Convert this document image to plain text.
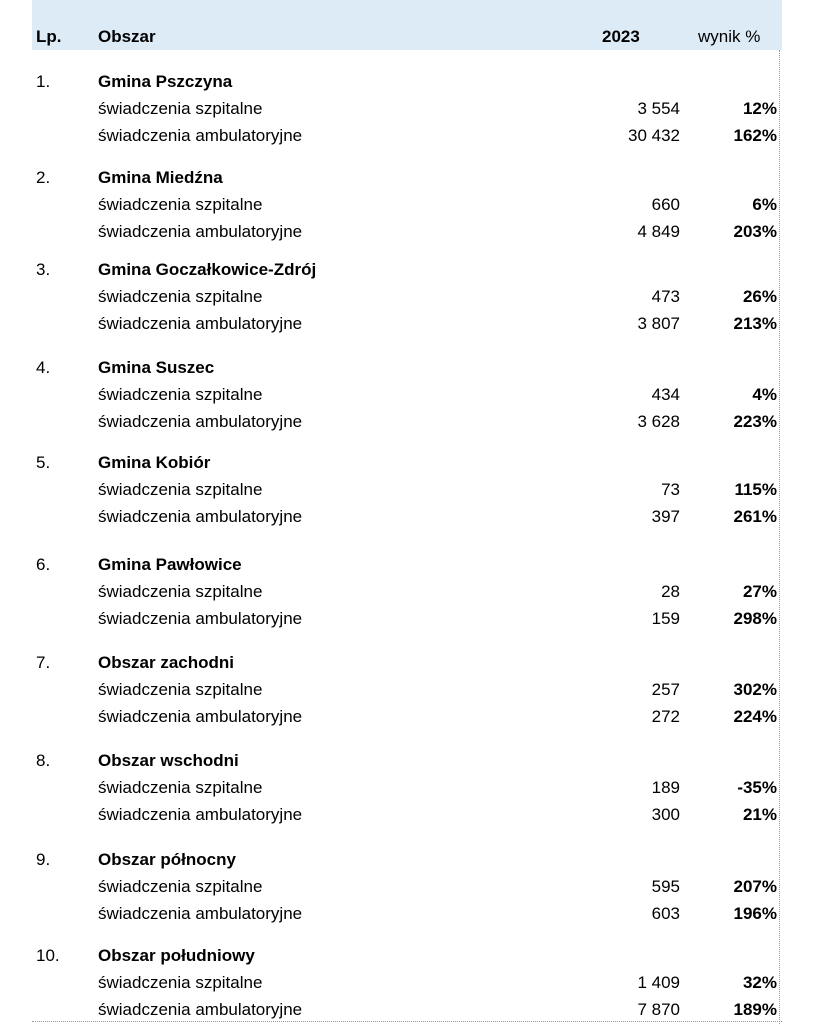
Lp. Obszar	2023	wynik %
1.	Gmina Pszczyna
świadczenia szpitalne	3 554	12%
świadczenia ambulatoryjne	30 432	162%
2.	Gmina Miedźna
świadczenia szpitalne	660	6%
świadczenia ambulatoryjne	4 849	203%
3.	Gmina Goczałkowice-Zdrój
świadczenia szpitalne	473	26%
świadczenia ambulatoryjne	3 807	213%
4.	Gmina Suszec
świadczenia szpitalne	434	4%
świadczenia ambulatoryjne	3 628	223%
5.	Gmina Kobiór
świadczenia szpitalne	73	115%
świadczenia ambulatoryjne	397	261%
6.	Gmina Pawłowice
świadczenia szpitalne	28	27%
świadczenia ambulatoryjne	159	298%
7.	Obszar zachodni
świadczenia szpitalne	257	302%
świadczenia ambulatoryjne	272	224%
8.	Obszar wschodni
świadczenia szpitalne	189	-35%
świadczenia ambulatoryjne	300	21%
9.	Obszar północny
świadczenia szpitalne	595	207%
świadczenia ambulatoryjne	603	196%
10. Obszar południowy
świadczenia szpitalne	1 409	32%
świadczenia ambulatoryjne	7 870	189%
